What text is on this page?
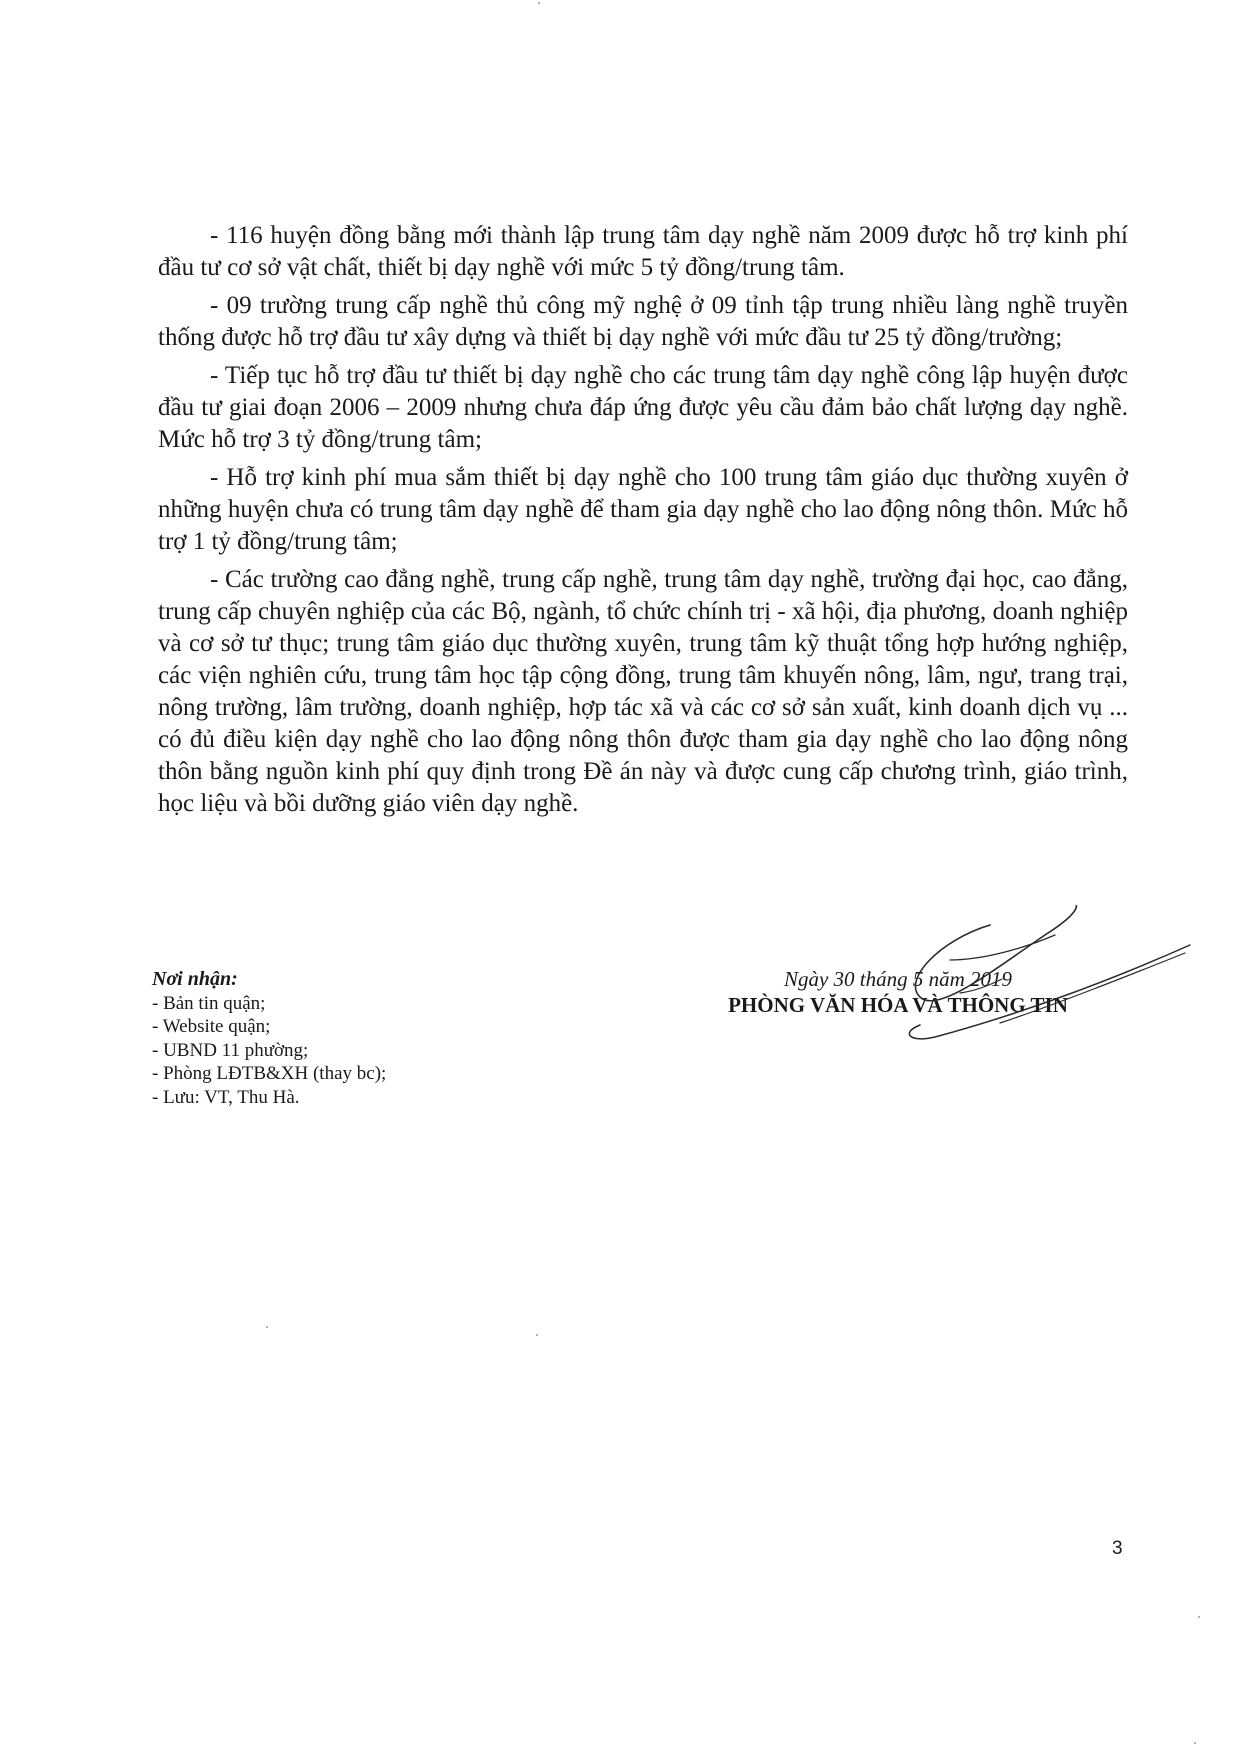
- 116 huyện đồng bằng mới thành lập trung tâm dạy nghề năm 2009 được hỗ trợ kinh phí đầu tư cơ sở vật chất, thiết bị dạy nghề với mức 5 tỷ đồng/trung tâm.

- 09 trường trung cấp nghề thủ công mỹ nghệ ở 09 tỉnh tập trung nhiều làng nghề truyền thống được hỗ trợ đầu tư xây dựng và thiết bị dạy nghề với mức đầu tư 25 tỷ đồng/trường;

- Tiếp tục hỗ trợ đầu tư thiết bị dạy nghề cho các trung tâm dạy nghề công lập huyện được đầu tư giai đoạn 2006 – 2009 nhưng chưa đáp ứng được yêu cầu đảm bảo chất lượng dạy nghề. Mức hỗ trợ 3 tỷ đồng/trung tâm;

- Hỗ trợ kinh phí mua sắm thiết bị dạy nghề cho 100 trung tâm giáo dục thường xuyên ở những huyện chưa có trung tâm dạy nghề để tham gia dạy nghề cho lao động nông thôn. Mức hỗ trợ 1 tỷ đồng/trung tâm;

- Các trường cao đẳng nghề, trung cấp nghề, trung tâm dạy nghề, trường đại học, cao đẳng, trung cấp chuyên nghiệp của các Bộ, ngành, tổ chức chính trị - xã hội, địa phương, doanh nghiệp và cơ sở tư thục; trung tâm giáo dục thường xuyên, trung tâm kỹ thuật tổng hợp hướng nghiệp, các viện nghiên cứu, trung tâm học tập cộng đồng, trung tâm khuyến nông, lâm, ngư, trang trại, nông trường, lâm trường, doanh nghiệp, hợp tác xã và các cơ sở sản xuất, kinh doanh dịch vụ ... có đủ điều kiện dạy nghề cho lao động nông thôn được tham gia dạy nghề cho lao động nông thôn bằng nguồn kinh phí quy định trong Đề án này và được cung cấp chương trình, giáo trình, học liệu và bồi dưỡng giáo viên dạy nghề.

Nơi nhận:
- Bản tin quận;
- Website quận;
- UBND 11 phường;
- Phòng LĐTB&XH (thay bc);
- Lưu: VT, Thu Hà.
Ngày 30 tháng 5 năm 2019
PHÒNG VĂN HÓA VÀ THÔNG TIN
3
